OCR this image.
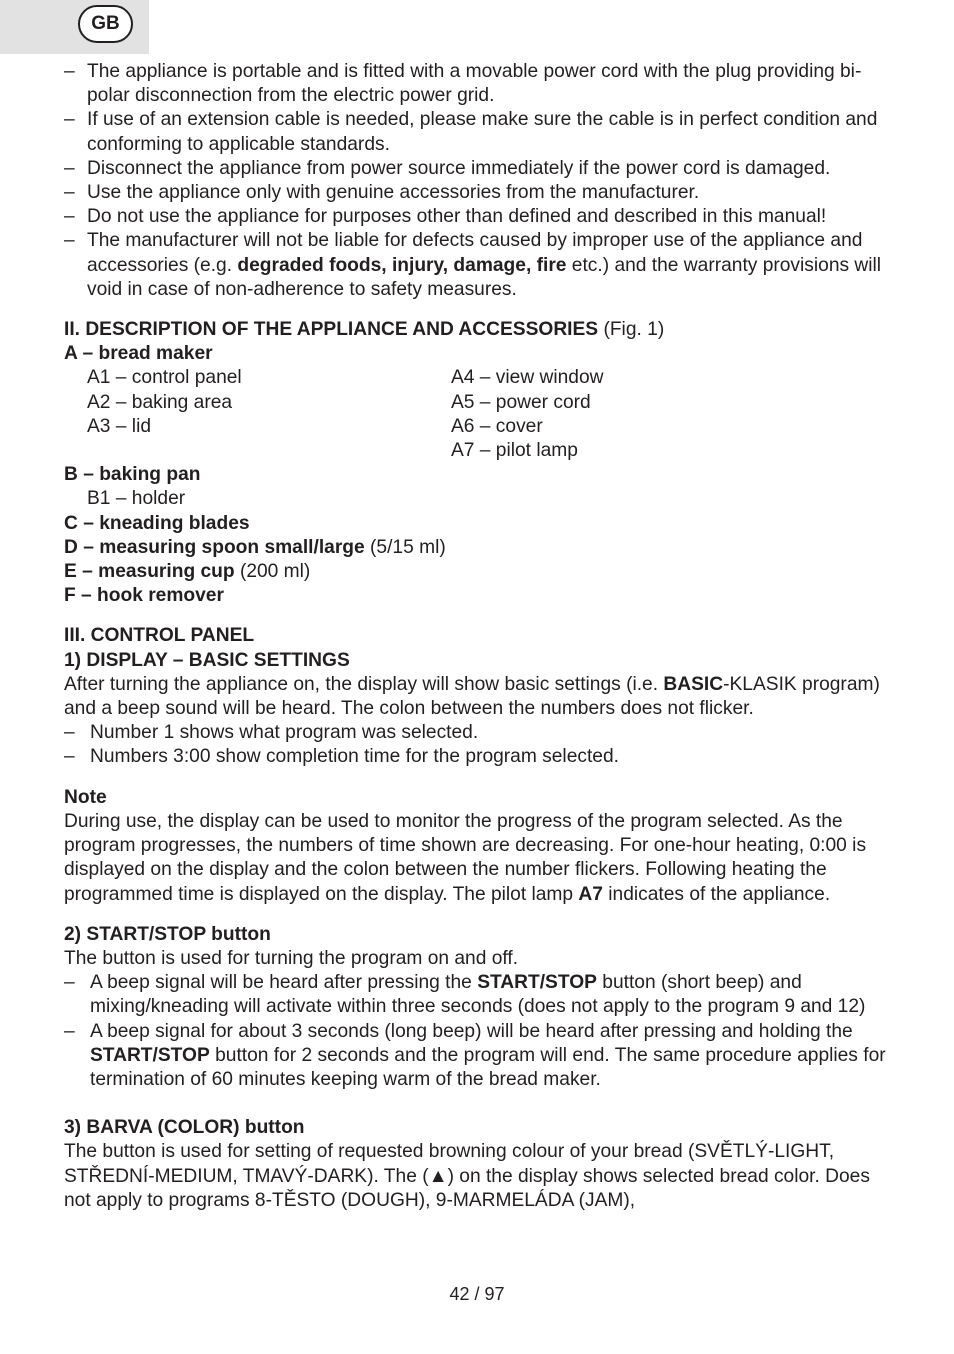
GB
– The appliance is portable and is fitted with a movable power cord with the plug providing bi-polar disconnection from the electric power grid.
– If use of an extension cable is needed, please make sure the cable is in perfect condition and conforming to applicable standards.
– Disconnect the appliance from power source immediately if the power cord is damaged.
– Use the appliance only with genuine accessories from the manufacturer.
– Do not use the appliance for purposes other than defined and described in this manual!
– The manufacturer will not be liable for defects caused by improper use of the appliance and accessories (e.g. degraded foods, injury, damage, fire etc.) and the warranty provisions will void in case of non-adherence to safety measures.
II. DESCRIPTION OF THE APPLIANCE AND ACCESSORIES (Fig. 1)
A – bread maker
A1 – control panel
A2 – baking area
A3 – lid
A4 – view window
A5 – power cord
A6 – cover
A7 – pilot lamp
B – baking pan
B1 – holder
C – kneading blades
D – measuring spoon small/large (5/15 ml)
E – measuring cup (200 ml)
F – hook remover
III. CONTROL PANEL
1) DISPLAY – BASIC SETTINGS
After turning the appliance on, the display will show basic settings (i.e. BASIC-KLASIK program) and a beep sound will be heard. The colon between the numbers does not flicker.
– Number 1 shows what program was selected.
– Numbers 3:00 show completion time for the program selected.
Note
During use, the display can be used to monitor the progress of the program selected. As the program progresses, the numbers of time shown are decreasing. For one-hour heating, 0:00 is displayed on the display and the colon between the number flickers. Following heating the programmed time is displayed on the display. The pilot lamp A7 indicates of the appliance.
2) START/STOP button
The button is used for turning the program on and off.
– A beep signal will be heard after pressing the START/STOP button (short beep) and mixing/kneading will activate within three seconds (does not apply to the program 9 and 12)
– A beep signal for about 3 seconds (long beep) will be heard after pressing and holding the START/STOP button for 2 seconds and the program will end. The same procedure applies for termination of 60 minutes keeping warm of the bread maker.
3) BARVA (COLOR) button
The button is used for setting of requested browning colour of your bread (SVĚTLÝ-LIGHT, STŘEDNÍ-MEDIUM, TMAVÝ-DARK). The (▲) on the display shows selected bread color. Does not apply to programs 8-TĚSTO (DOUGH), 9-MARMELÁDA (JAM),
42 / 97
